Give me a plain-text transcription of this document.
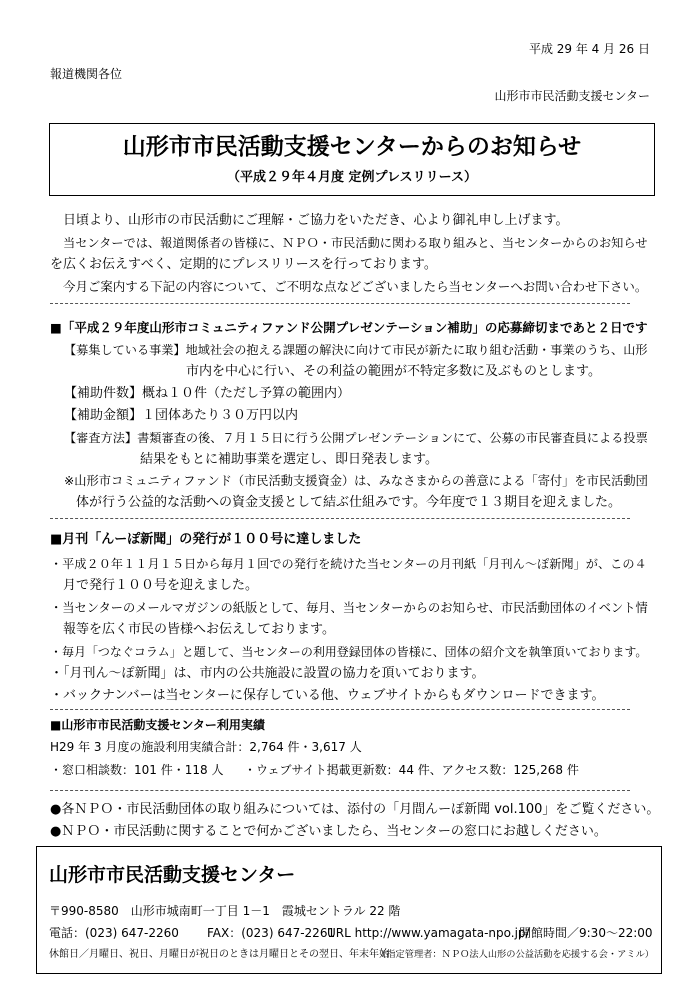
平成 29 年 4 月 26 日
報道機関各位
山形市市民活動支援センター
山形市市民活動支援センターからのお知らせ
（平成２９年４月度 定例プレスリリース）
日頃より、山形市の市民活動にご理解・ご協力をいただき、心より御礼申し上げます。
当センターでは、報道関係者の皆様に、ＮＰＯ・市民活動に関わる取り組みと、当センターからのお知らせ
を広くお伝えすべく、定期的にプレスリリースを行っております。
今月ご案内する下記の内容について、ご不明な点などございましたら当センターへお問い合わせ下さい。
■「平成２９年度山形市コミュニティファンド公開プレゼンテーション補助」の応募締切まであと２日です
【募集している事業】地域社会の抱える課題の解決に向けて市民が新たに取り組む活動・事業のうち、山形
市内を中心に行い、その利益の範囲が不特定多数に及ぶものとします。
【補助件数】概ね１０件（ただし予算の範囲内）
【補助金額】１団体あたり３０万円以内
【審査方法】書類審査の後、７月１５日に行う公開プレゼンテーションにて、公募の市民審査員による投票
結果をもとに補助事業を選定し、即日発表します。
※山形市コミュニティファンド（市民活動支援資金）は、みなさまからの善意による「寄付」を市民活動団
体が行う公益的な活動への資金支援として結ぶ仕組みです。今年度で１３期目を迎えました。
■月刊「んーぽ新聞」の発行が１００号に達しました
・平成２０年１１月１５日から毎月１回での発行を続けた当センターの月刊紙「月刊ん～ぽ新聞」が、この４
月で発行１００号を迎えました。
・当センターのメールマガジンの紙版として、毎月、当センターからのお知らせ、市民活動団体のイベント情
報等を広く市民の皆様へお伝えしております。
・毎月「つなぐコラム」と題して、当センターの利用登録団体の皆様に、団体の紹介文を執筆頂いております。
・「月刊ん～ぽ新聞」は、市内の公共施設に設置の協力を頂いております。
・バックナンバーは当センターに保存している他、ウェブサイトからもダウンロードできます。
■山形市市民活動支援センター利用実績
H29 年 3 月度の施設利用実績合計：2,764 件・3,617 人
・窓口相談数：101 件・118 人 ・ウェブサイト掲載更新数：44 件、アクセス数：125,268 件
●各ＮＰＯ・市民活動団体の取り組みについては、添付の「月間んーぽ新聞 vol.100」をご覧ください。
●ＮＰＯ・市民活動に関することで何かございましたら、当センターの窓口にお越しください。
山形市市民活動支援センター
〒990-8580　山形市城南町一丁目 1－1　霞城セントラル 22 階
電話：(023) 647-2260 FAX：(023) 647-2261
URL http://www.yamagata-npo.jp/
開館時間／9:30～22:00
休館日／月曜日、祝日、月曜日が祝日のときは月曜日とその翌日、年末年始
（指定管理者：ＮＰＯ法人山形の公益活動を応援する会・アミル）
